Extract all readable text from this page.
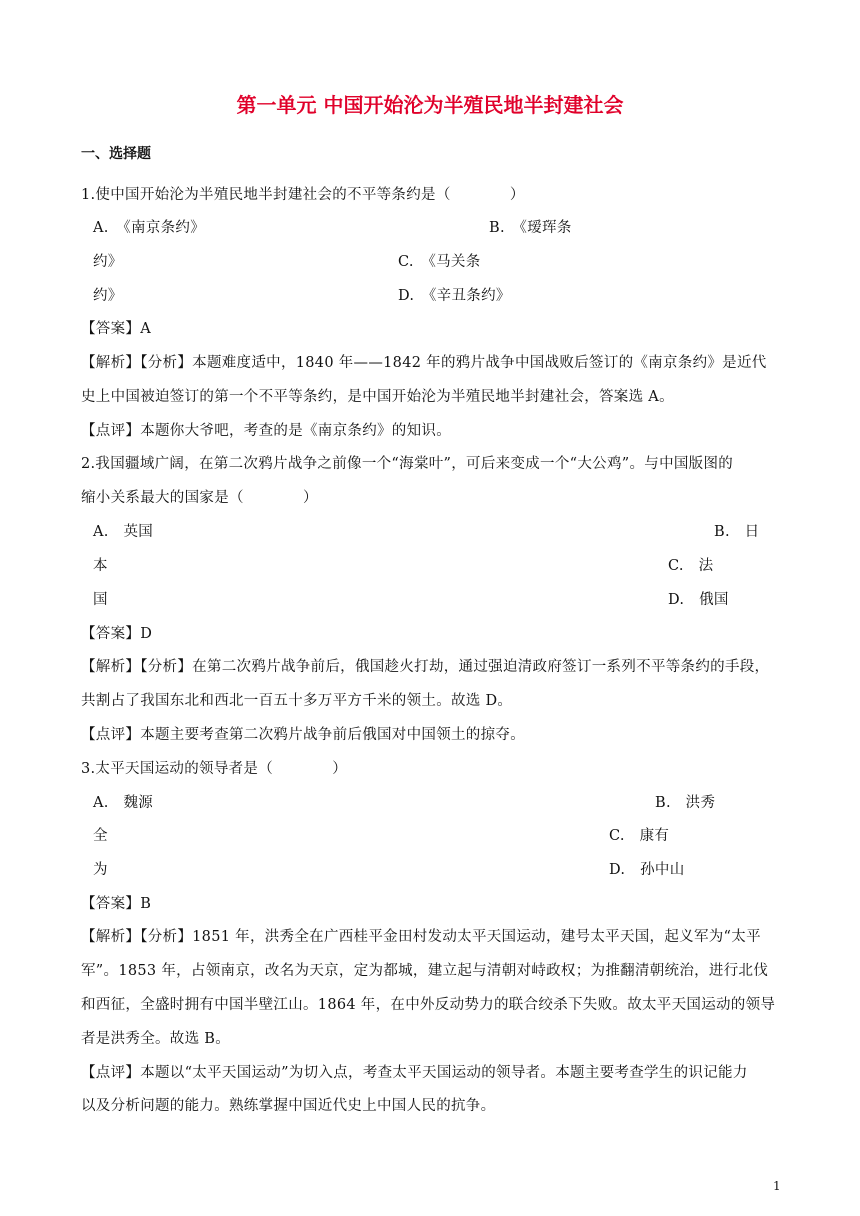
第一单元 中国开始沦为半殖民地半封建社会
一、选择题
1.使中国开始沦为半殖民地半封建社会的不平等条约是（　　　　）
A.　《南京条约》	B.　《瑷珲条
约》	C.　《马关条
约》	D.　《辛丑条约》
【答案】A
【解析】【分析】本题难度适中，1840 年——1842 年的鸦片战争中国战败后签订的《南京条约》是近代
史上中国被迫签订的第一个不平等条约，是中国开始沦为半殖民地半封建社会，答案选 A。
【点评】本题你大爷吧，考查的是《南京条约》的知识。
2.我国疆域广阔，在第二次鸦片战争之前像一个“海棠叶”，可后来变成一个“大公鸡”。与中国版图的
缩小关系最大的国家是（　　　　）
A.　英国	B.　日
本	C.　法
国	D.　俄国
【答案】D
【解析】【分析】在第二次鸦片战争前后，俄国趁火打劫，通过强迫清政府签订一系列不平等条约的手段，
共割占了我国东北和西北一百五十多万平方千米的领土。故选 D。
【点评】本题主要考查第二次鸦片战争前后俄国对中国领土的掠夺。
3.太平天国运动的领导者是（　　　　）
A.　魏源	B.　洪秀
全	C.　康有
为	D.　孙中山
【答案】B
【解析】【分析】1851 年，洪秀全在广西桂平金田村发动太平天国运动，建号太平天国，起义军为“太平
军”。1853 年，占领南京，改名为天京，定为都城，建立起与清朝对峙政权；为推翻清朝统治，进行北伐
和西征，全盛时拥有中国半壁江山。1864 年，在中外反动势力的联合绞杀下失败。故太平天国运动的领导
者是洪秀全。故选 B。
【点评】本题以“太平天国运动”为切入点，考查太平天国运动的领导者。本题主要考查学生的识记能力
以及分析问题的能力。熟练掌握中国近代史上中国人民的抗争。
1
